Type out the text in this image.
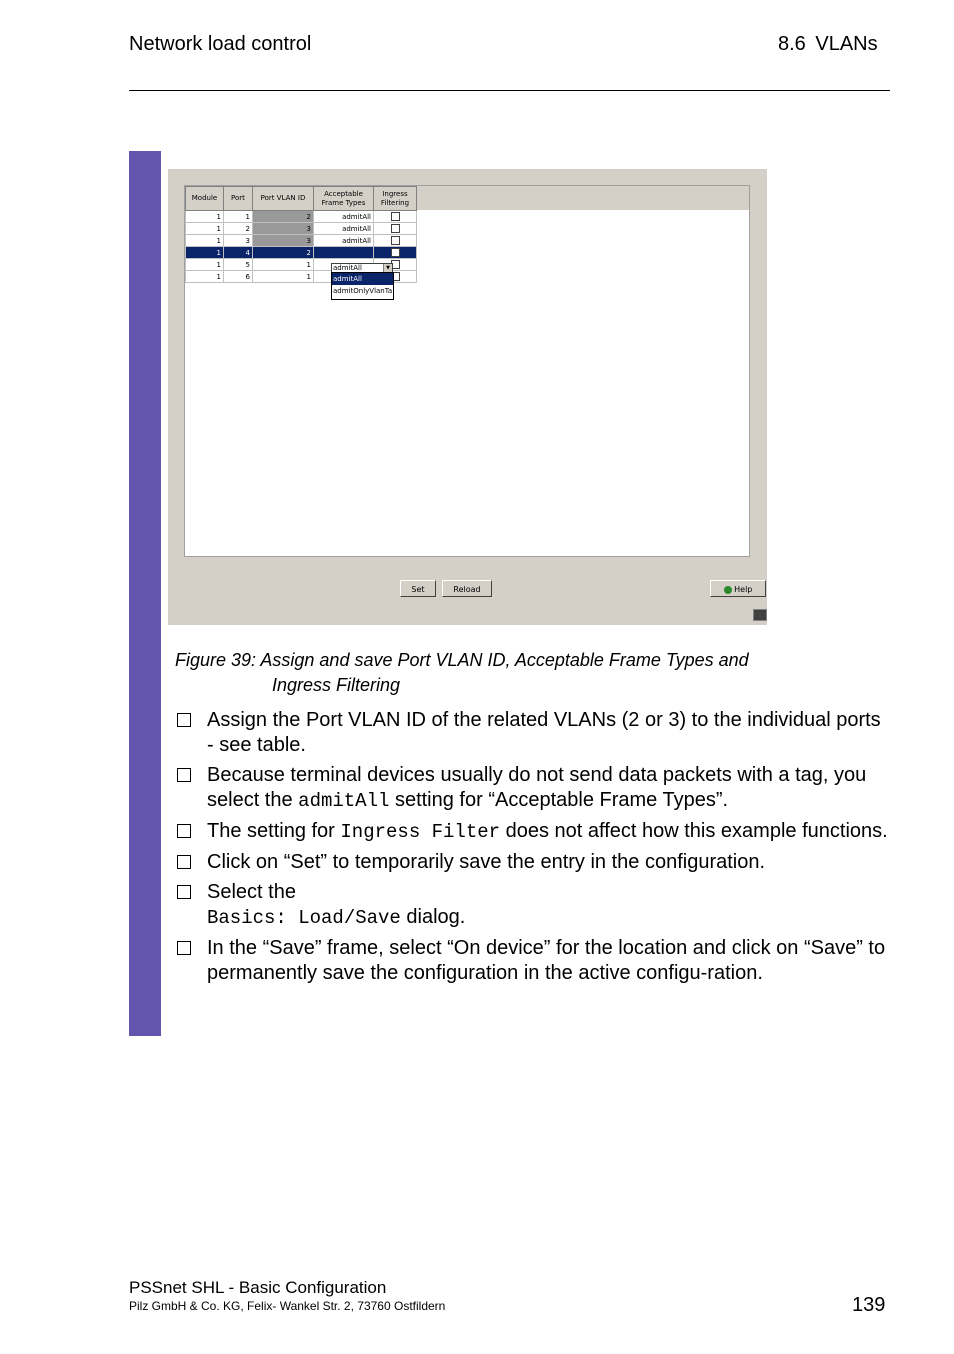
Network load control	8.6 VLANs
Module	Port	Port VLAN ID	Acceptable Frame Types	Ingress Filtering
1	1	2	admitAll	
1	2	3	admitAll	
1	3	3	admitAll	
1	4	2		
1	5	1		
1	6	1		
admitAll	▼
admitAll
admitOnlyVlanTa
Set	Reload	Help
Figure 39: Assign and save Port VLAN ID, Acceptable Frame Types and
Ingress Filtering
Assign the Port VLAN ID of the related VLANs (2 or 3) to the individual ports - see table.
Because terminal devices usually do not send data packets with a tag, you select the admitAll setting for “Acceptable Frame Types”.
The setting for Ingress Filter does not affect how this example functions.
Click on “Set” to temporarily save the entry in the configuration.
Select the
Basics: Load/Save dialog.
In the “Save” frame, select “On device” for the location and click on “Save” to permanently save the configuration in the active configu-ration.
PSSnet SHL - Basic Configuration
Pilz GmbH & Co. KG, Felix- Wankel Str. 2, 73760 Ostfildern	139
